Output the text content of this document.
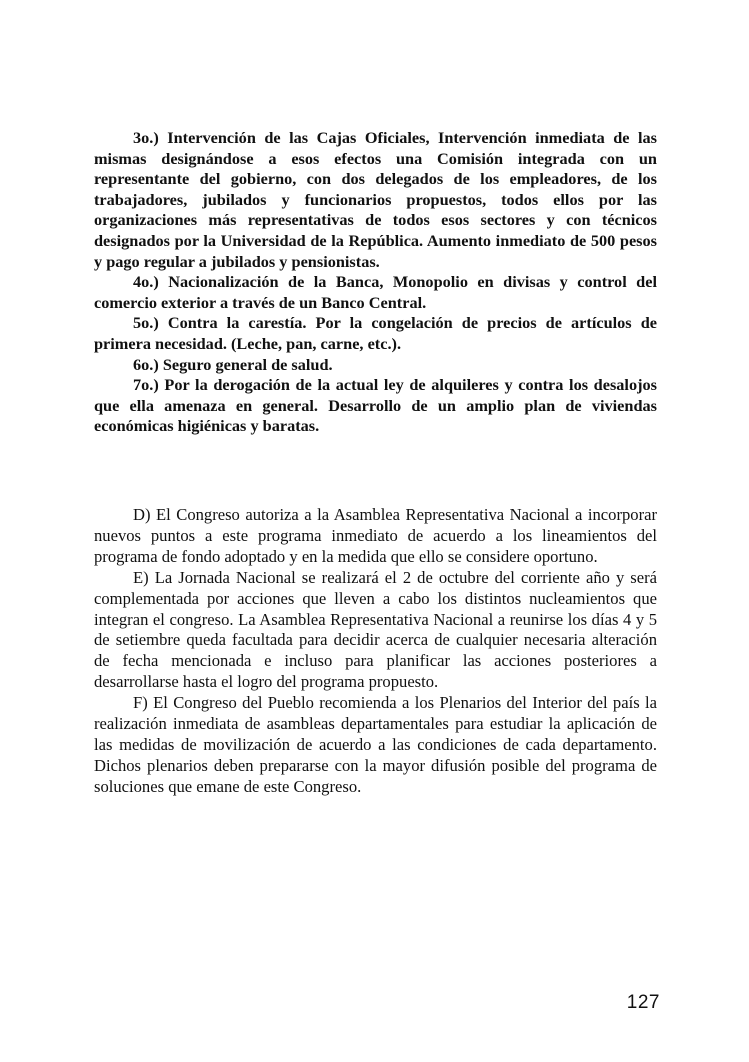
3o.) Intervención de las Cajas Oficiales, Intervención inmediata de las mismas designándose a esos efectos una Comisión integrada con un representante del gobierno, con dos delegados de los empleadores, de los trabajadores, jubilados y funcionarios propuestos, todos ellos por las organizaciones más representativas de todos esos sectores y con técnicos designados por la Universidad de la República. Aumento inmediato de 500 pesos y pago regular a jubilados y pensionistas.

4o.) Nacionalización de la Banca, Monopolio en divisas y control del comercio exterior a través de un Banco Central.

5o.) Contra la carestía. Por la congelación de precios de artículos de primera necesidad. (Leche, pan, carne, etc.).

6o.) Seguro general de salud.

7o.) Por la derogación de la actual ley de alquileres y contra los desalojos que ella amenaza en general. Desarrollo de un amplio plan de viviendas económicas higiénicas y baratas.

D) El Congreso autoriza a la Asamblea Representativa Nacional a incorporar nuevos puntos a este programa inmediato de acuerdo a los lineamientos del programa de fondo adoptado y en la medida que ello se considere oportuno.

E) La Jornada Nacional se realizará el 2 de octubre del corriente año y será complementada por acciones que lleven a cabo los distintos nucleamientos que integran el congreso. La Asamblea Representativa Nacional a reunirse los días 4 y 5 de setiembre queda facultada para decidir acerca de cualquier necesaria alteración de fecha mencionada e incluso para planificar las acciones posteriores a desarrollarse hasta el logro del programa propuesto.

F) El Congreso del Pueblo recomienda a los Plenarios del Interior del país la realización inmediata de asambleas departamentales para estudiar la aplicación de las medidas de movilización de acuerdo a las condiciones de cada departamento. Dichos plenarios deben prepararse con la mayor difusión posible del programa de soluciones que emane de este Congreso.

127
